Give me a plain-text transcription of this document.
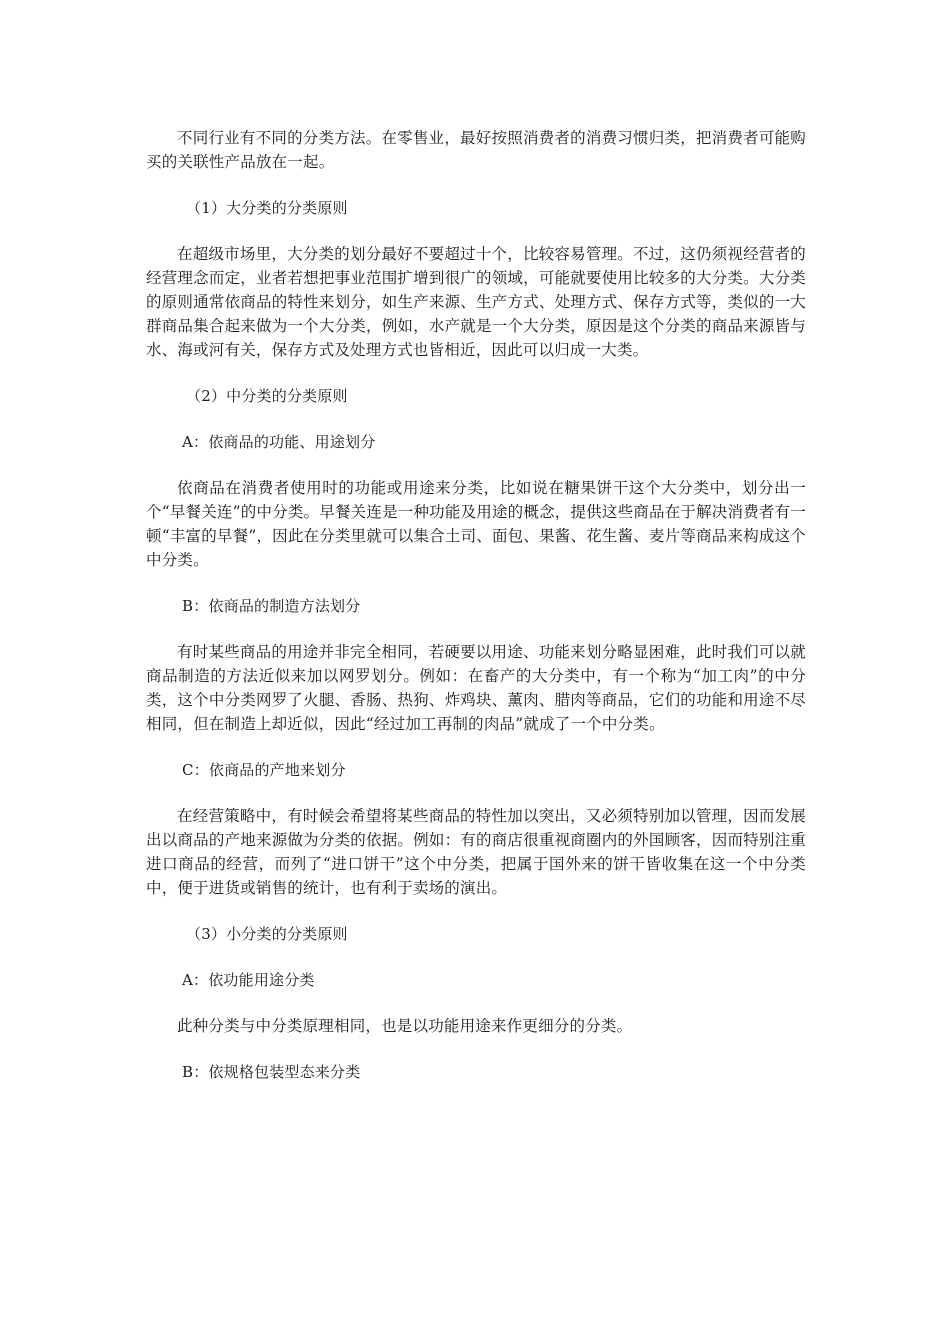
不同行业有不同的分类方法。在零售业，最好按照消费者的消费习惯归类，把消费者可能购买的关联性产品放在一起。

（1）大分类的分类原则

在超级市场里，大分类的划分最好不要超过十个，比较容易管理。不过，这仍须视经营者的经营理念而定，业者若想把事业范围扩增到很广的领域，可能就要使用比较多的大分类。大分类的原则通常依商品的特性来划分，如生产来源、生产方式、处理方式、保存方式等，类似的一大群商品集合起来做为一个大分类，例如，水产就是一个大分类，原因是这个分类的商品来源皆与水、海或河有关，保存方式及处理方式也皆相近，因此可以归成一大类。

（2）中分类的分类原则

A：依商品的功能、用途划分

依商品在消费者使用时的功能或用途来分类，比如说在糖果饼干这个大分类中，划分出一个“早餐关连”的中分类。早餐关连是一种功能及用途的概念，提供这些商品在于解决消费者有一顿“丰富的早餐”，因此在分类里就可以集合土司、面包、果酱、花生酱、麦片等商品来构成这个中分类。

B：依商品的制造方法划分

有时某些商品的用途并非完全相同，若硬要以用途、功能来划分略显困难，此时我们可以就商品制造的方法近似来加以网罗划分。例如：在畜产的大分类中，有一个称为“加工肉”的中分类，这个中分类网罗了火腿、香肠、热狗、炸鸡块、薰肉、腊肉等商品，它们的功能和用途不尽相同，但在制造上却近似，因此“经过加工再制的肉品”就成了一个中分类。

C：依商品的产地来划分

在经营策略中，有时候会希望将某些商品的特性加以突出，又必须特别加以管理，因而发展出以商品的产地来源做为分类的依据。例如：有的商店很重视商圈内的外国顾客，因而特别注重进口商品的经营，而列了“进口饼干”这个中分类，把属于国外来的饼干皆收集在这一个中分类中，便于进货或销售的统计，也有利于卖场的演出。

（3）小分类的分类原则

A：依功能用途分类

此种分类与中分类原理相同，也是以功能用途来作更细分的分类。

B：依规格包装型态来分类
